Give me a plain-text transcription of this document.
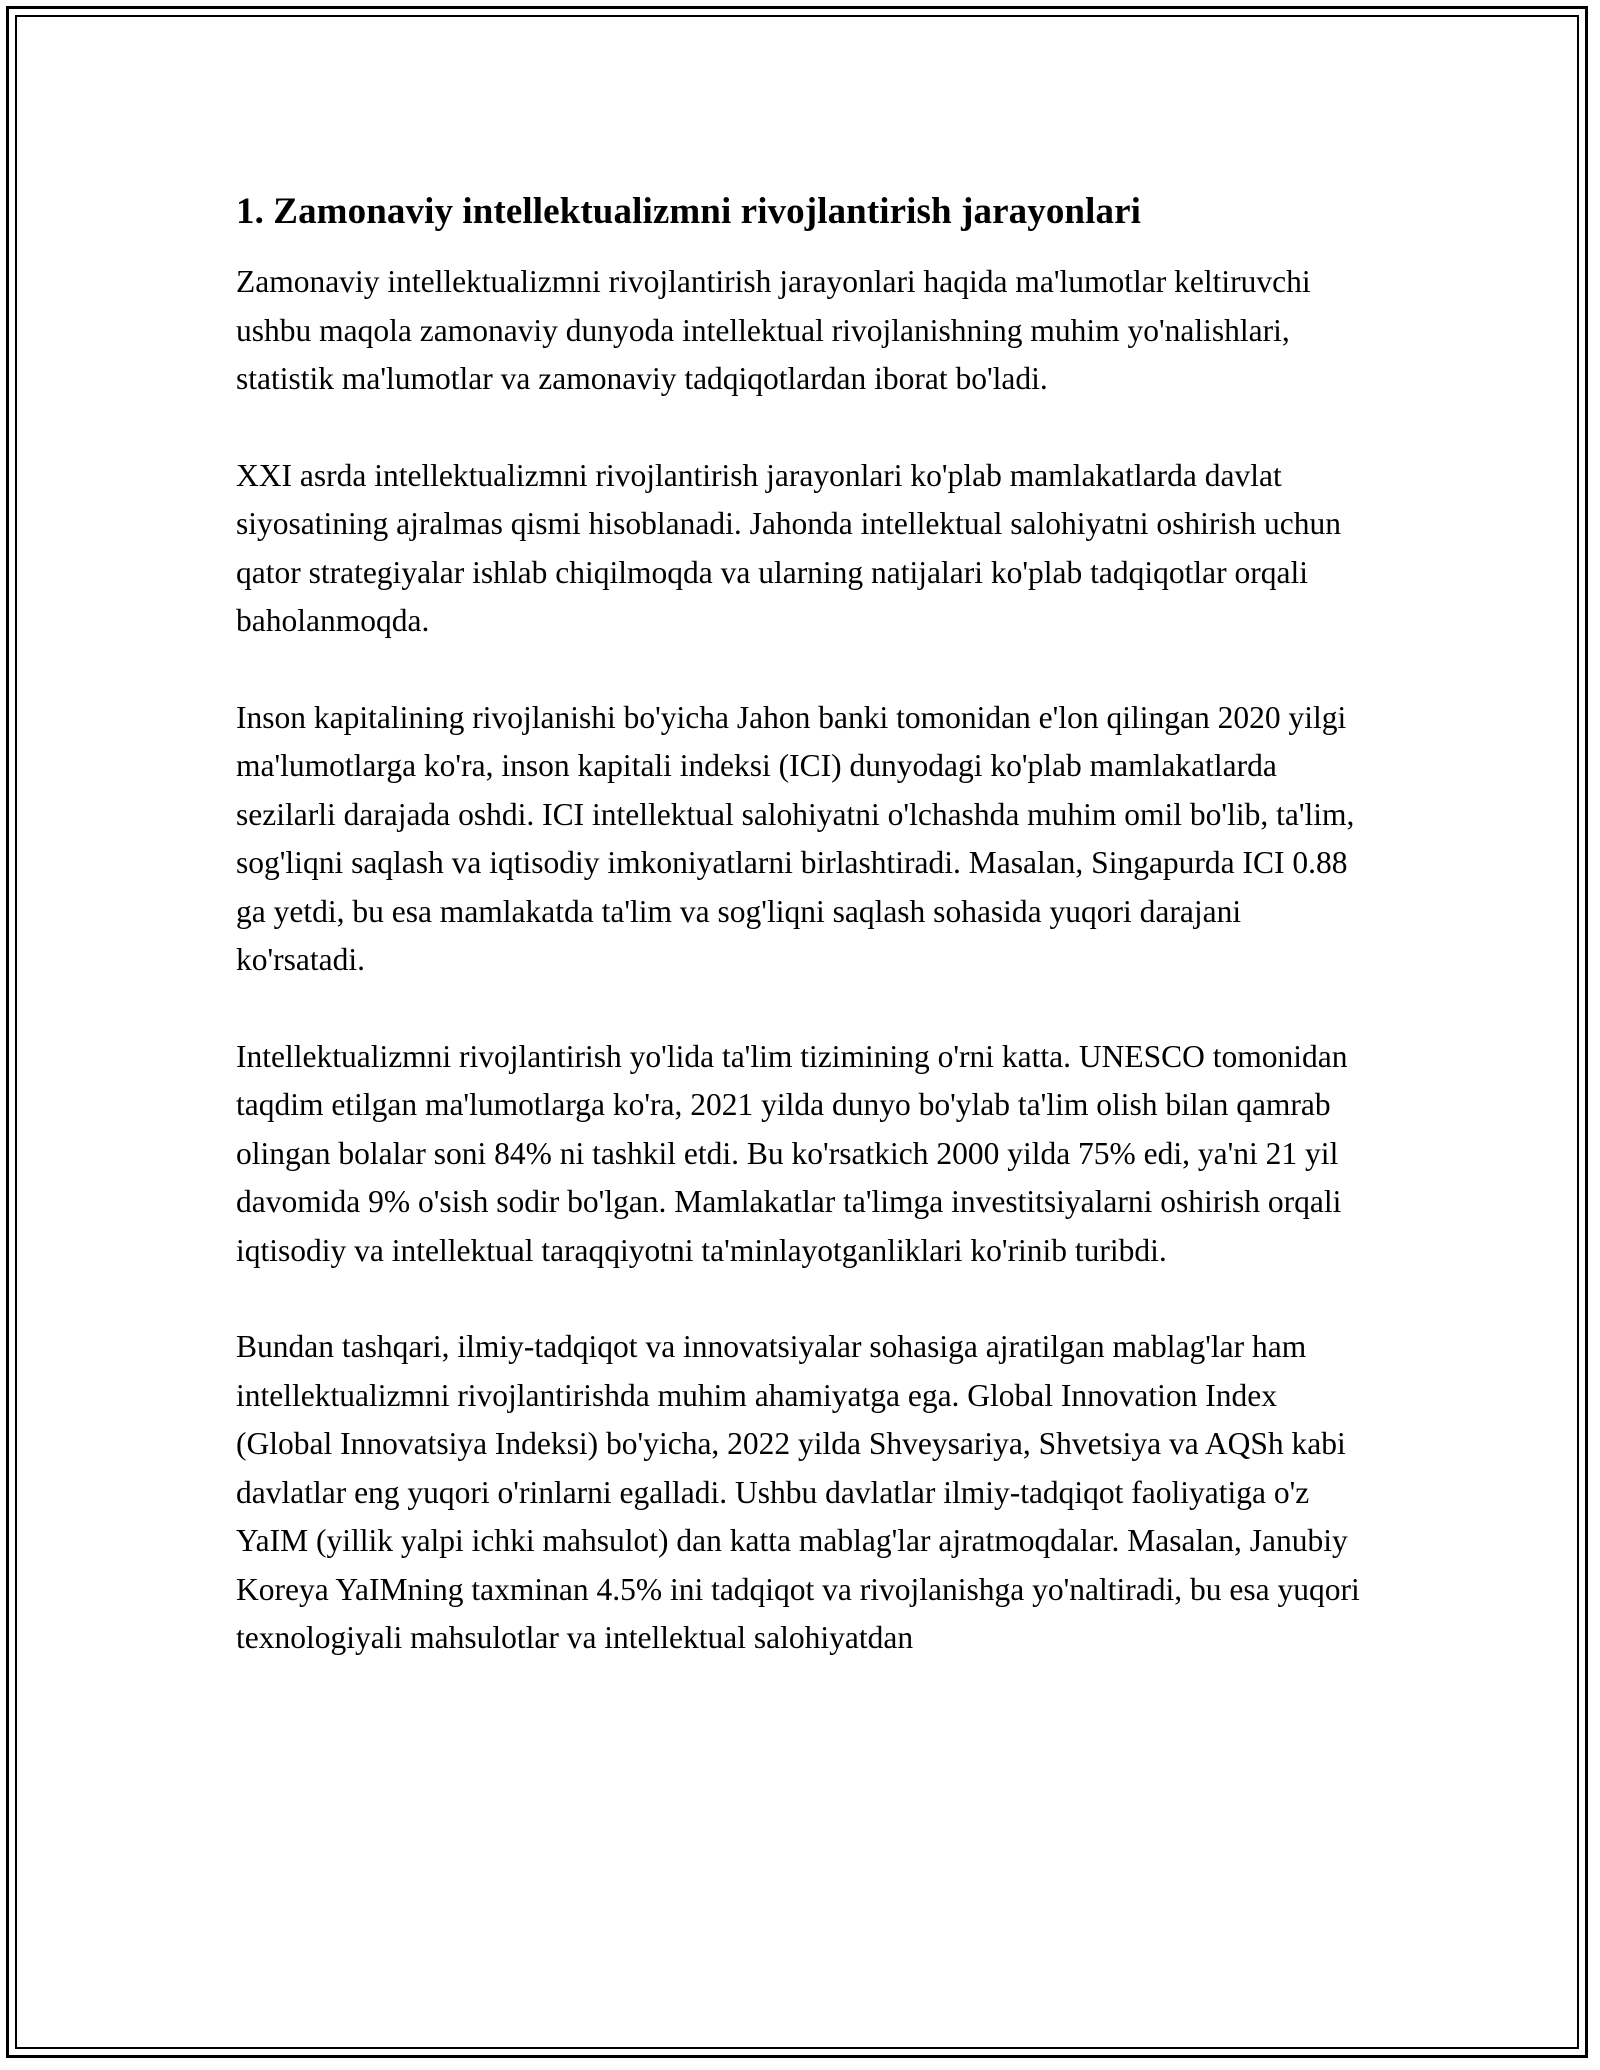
1. Zamonaviy intellektualizmni rivojlantirish jarayonlari

Zamonaviy intellektualizmni rivojlantirish jarayonlari haqida ma'lumotlar keltiruvchi ushbu maqola zamonaviy dunyoda intellektual rivojlanishning muhim yo'nalishlari, statistik ma'lumotlar va zamonaviy tadqiqotlardan iborat bo'ladi.

XXI asrda intellektualizmni rivojlantirish jarayonlari ko'plab mamlakatlarda davlat siyosatining ajralmas qismi hisoblanadi. Jahonda intellektual salohiyatni oshirish uchun qator strategiyalar ishlab chiqilmoqda va ularning natijalari ko'plab tadqiqotlar orqali baholanmoqda.

Inson kapitalining rivojlanishi bo'yicha Jahon banki tomonidan e'lon qilingan 2020 yilgi ma'lumotlarga ko'ra, inson kapitali indeksi (ICI) dunyodagi ko'plab mamlakatlarda sezilarli darajada oshdi. ICI intellektual salohiyatni o'lchashda muhim omil bo'lib, ta'lim, sog'liqni saqlash va iqtisodiy imkoniyatlarni birlashtiradi. Masalan, Singapurda ICI 0.88 ga yetdi, bu esa mamlakatda ta'lim va sog'liqni saqlash sohasida yuqori darajani ko'rsatadi.

Intellektualizmni rivojlantirish yo'lida ta'lim tizimining o'rni katta. UNESCO tomonidan taqdim etilgan ma'lumotlarga ko'ra, 2021 yilda dunyo bo'ylab ta'lim olish bilan qamrab olingan bolalar soni 84% ni tashkil etdi. Bu ko'rsatkich 2000 yilda 75% edi, ya'ni 21 yil davomida 9% o'sish sodir bo'lgan. Mamlakatlar ta'limga investitsiyalarni oshirish orqali iqtisodiy va intellektual taraqqiyotni ta'minlayotganliklari ko'rinib turibdi.

Bundan tashqari, ilmiy-tadqiqot va innovatsiyalar sohasiga ajratilgan mablag'lar ham intellektualizmni rivojlantirishda muhim ahamiyatga ega. Global Innovation Index (Global Innovatsiya Indeksi) bo'yicha, 2022 yilda Shveysariya, Shvetsiya va AQSh kabi davlatlar eng yuqori o'rinlarni egalladi. Ushbu davlatlar ilmiy-tadqiqot faoliyatiga o'z YaIM (yillik yalpi ichki mahsulot) dan katta mablag'lar ajratmoqdalar. Masalan, Janubiy Koreya YaIMning taxminan 4.5% ini tadqiqot va rivojlanishga yo'naltiradi, bu esa yuqori texnologiyali mahsulotlar va intellektual salohiyatdan
